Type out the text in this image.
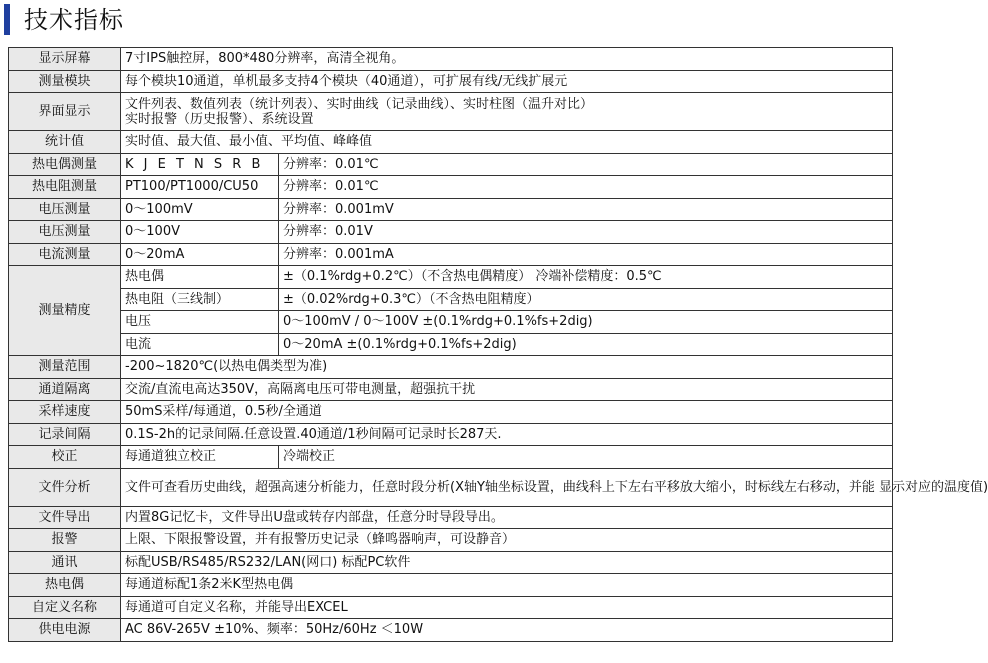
技术指标
显示屏幕	7寸IPS触控屏，800*480分辨率，高清全视角。	
测量模块	每个模块10通道，单机最多支持4个模块（40通道），可扩展有线/无线扩展元	
界面显示	文件列表、数值列表（统计列表）、实时曲线（记录曲线）、实时柱图（温升对比）
实时报警（历史报警）、系统设置	

统计值	实时值、最大值、最小值、平均值、峰峰值	
热电偶测量	K J E T N S R B	分辨率：0.01℃
热电阻测量	PT100/PT1000/CU50	分辨率：0.01℃
电压测量	0～100mV	分辨率：0.001mV
电压测量	0～100V	分辨率：0.01V
电流测量	0～20mA	分辨率：0.001mA
测量精度	热电偶	±（0.1%rdg+0.2℃）（不含热电偶精度） 冷端补偿精度：0.5℃
	热电阻（三线制）	±（0.02%rdg+0.3℃）（不含热电阻精度）
	电压	0～100mV / 0～100V ±(0.1%rdg+0.1%fs+2dig)
	电流	0～20mA ±(0.1%rdg+0.1%fs+2dig)
测量范围	-200~1820℃(以热电偶类型为准)	
通道隔离	交流/直流电高达350V，高隔离电压可带电测量，超强抗干扰	
采样速度	50mS采样/每通道，0.5秒/全通道	
记录间隔	0.1S-2h的记录间隔.任意设置.40通道/1秒间隔可记录时长287天.	
校正	每通道独立校正	冷端校正
文件分析	文件可查看历史曲线，超强高速分析能力，任意时段分析(X轴Y轴坐标设置，曲线科上下左右平移放大缩小，时标线左右移动，并能 显示对应的温度值)	
文件导出	内置8G记忆卡，文件导出U盘或转存内部盘，任意分时导段导出。	
报警	上限、下限报警设置，并有报警历史记录（蜂鸣器响声，可设静音）	
通讯	标配USB/RS485/RS232/LAN(网口) 标配PC软件	
热电偶	每通道标配1条2米K型热电偶	
自定义名称	每通道可自定义名称，并能导出EXCEL	
供电电源	AC 86V-265V ±10%、频率：50Hz/60Hz ＜10W	
